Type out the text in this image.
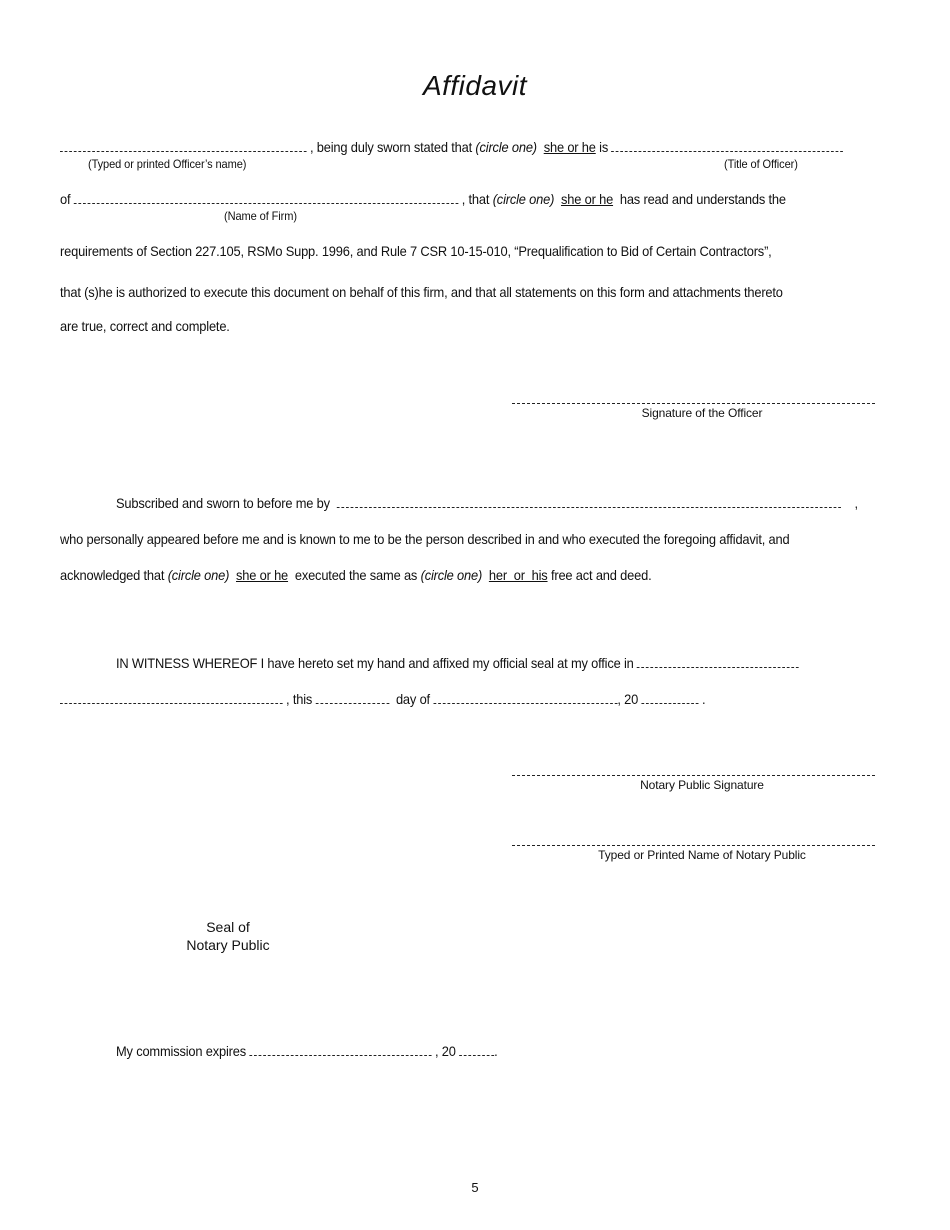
Affidavit
, being duly sworn stated that (circle one) she or he is
(Typed or printed Officer’s name)	(Title of Officer)
of	, that (circle one) she or he has read and understands the
(Name of Firm)
requirements of Section 227.105, RSMo Supp. 1996, and Rule 7 CSR 10-15-010, “Prequalification to Bid of Certain Contractors”,
that (s)he is authorized to execute this document on behalf of this firm, and that all statements on this form and attachments thereto
are true, correct and complete.
Signature of the Officer
Subscribed and sworn to before me by	,
who personally appeared before me and is known to me to be the person described in and who executed the foregoing affidavit, and
acknowledged that (circle one) she or he executed the same as (circle one) her  or  his free act and deed.
IN WITNESS WHEREOF I have hereto set my hand and affixed my official seal at my office in
, this	day of	, 20	.
Notary Public Signature
Typed or Printed Name of Notary Public
Seal of
Notary Public
My commission expires	, 20	.
5
